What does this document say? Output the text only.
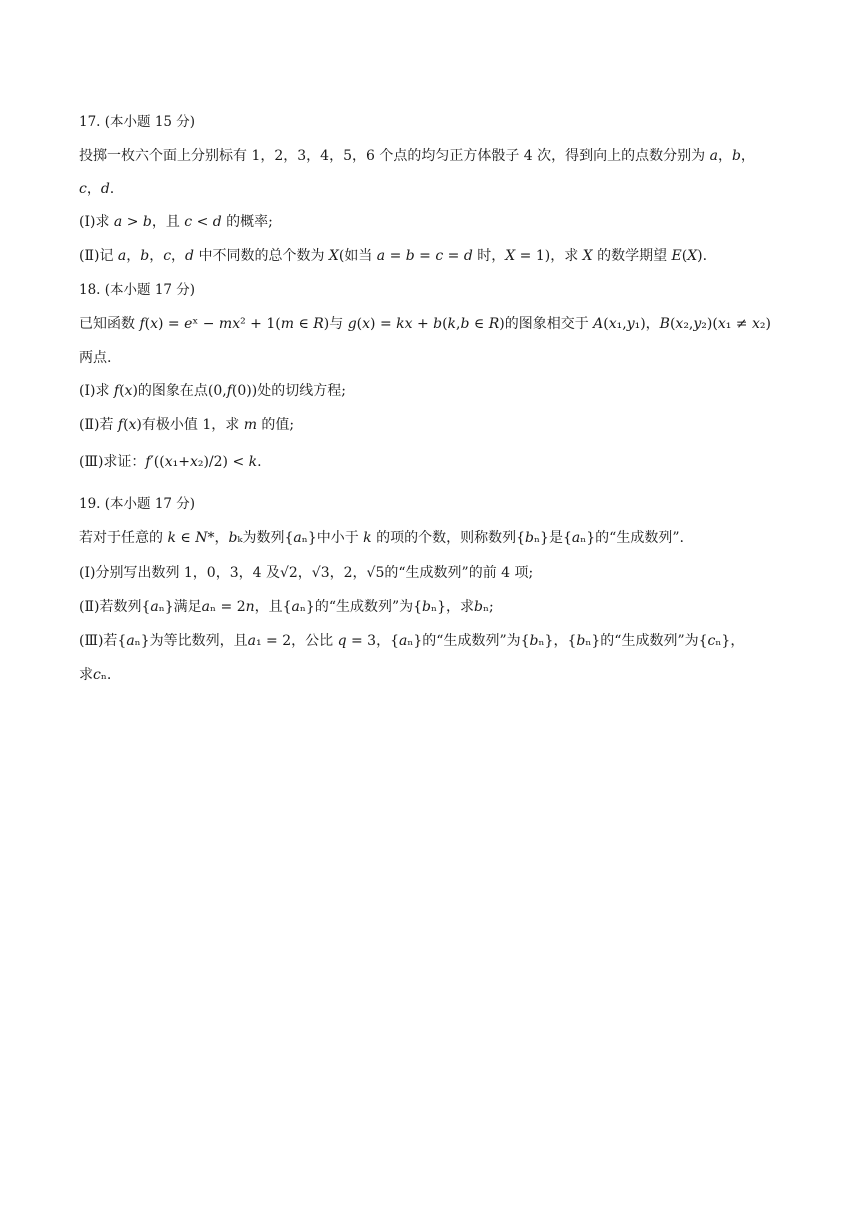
17. (本小题 15 分)
投掷一枚六个面上分别标有 1，2，3，4，5，6 个点的均匀正方体骰子 4 次，得到向上的点数分别为 𝑎，𝑏，
𝑐，𝑑.
(Ⅰ)求 𝑎 > 𝑏，且 𝑐 < 𝑑 的概率;
(Ⅱ)记 𝑎，𝑏，𝑐，𝑑 中不同数的总个数为 𝑋(如当 𝑎 = 𝑏 = 𝑐 = 𝑑 时，𝑋 = 1)，求 𝑋 的数学期望 𝐸(𝑋).
18. (本小题 17 分)
已知函数 𝑓(𝑥) = 𝑒ˣ − 𝑚𝑥² + 1(𝑚 ∈ 𝑅)与 𝑔(𝑥) = 𝑘𝑥 + 𝑏(𝑘,𝑏 ∈ 𝑅)的图象相交于 𝐴(𝑥₁,𝑦₁)，𝐵(𝑥₂,𝑦₂)(𝑥₁ ≠ 𝑥₂)
两点.
(Ⅰ)求 𝑓(𝑥)的图象在点(0,𝑓(0))处的切线方程;
(Ⅱ)若 𝑓(𝑥)有极小值 1，求 𝑚 的值;
(Ⅲ)求证：𝑓′((𝑥₁+𝑥₂)/2) < 𝑘.
19. (本小题 17 分)
若对于任意的 𝑘 ∈ 𝑁*，𝑏ₖ为数列{𝑎ₙ}中小于 𝑘 的项的个数，则称数列{𝑏ₙ}是{𝑎ₙ}的“生成数列”.
(Ⅰ)分别写出数列 1，0，3，4 及√2，√3，2，√5的“生成数列”的前 4 项;
(Ⅱ)若数列{𝑎ₙ}满足𝑎ₙ = 2𝑛，且{𝑎ₙ}的“生成数列”为{𝑏ₙ}，求𝑏ₙ;
(Ⅲ)若{𝑎ₙ}为等比数列，且𝑎₁ = 2，公比 𝑞 = 3，{𝑎ₙ}的“生成数列”为{𝑏ₙ}，{𝑏ₙ}的“生成数列”为{𝑐ₙ}，
求𝑐ₙ.
